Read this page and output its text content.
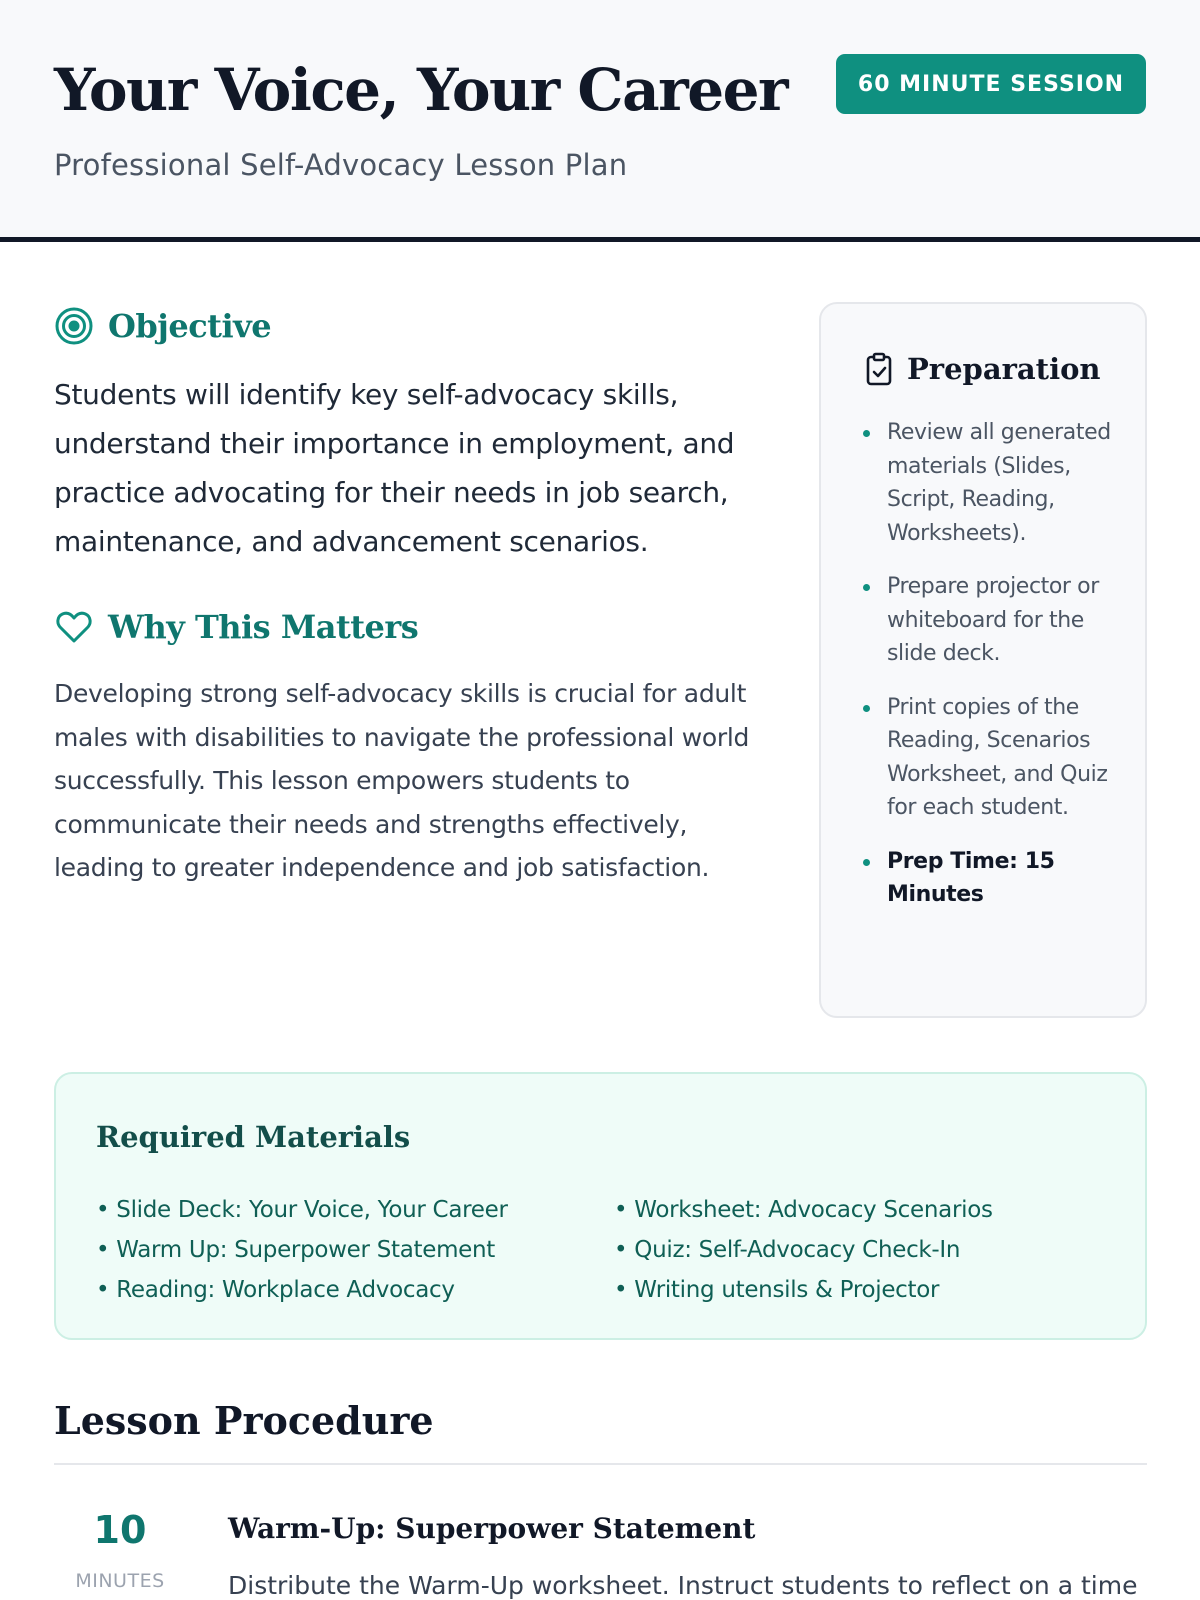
Your Voice, Your Career
Professional Self-Advocacy Lesson Plan
60 MINUTE SESSION
Objective

Students will identify key self-advocacy skills, understand their importance in employment, and practice advocating for their needs in job search, maintenance, and advancement scenarios.

Why This Matters

Developing strong self-advocacy skills is crucial for adult males with disabilities to navigate the professional world successfully. This lesson empowers students to communicate their needs and strengths effectively, leading to greater independence and job satisfaction.

Preparation
Review all generated materials (Slides, Script, Reading, Worksheets).
Prepare projector or whiteboard for the slide deck.
Print copies of the Reading, Scenarios Worksheet, and Quiz for each student.
Prep Time: 15 Minutes
Required Materials
• Slide Deck: Your Voice, Your Career
• Warm Up: Superpower Statement
• Reading: Workplace Advocacy
• Worksheet: Advocacy Scenarios
• Quiz: Self-Advocacy Check-In
• Writing utensils & Projector
Lesson Procedure
10
MINUTES
Warm-Up: Superpower Statement
Distribute the Warm-Up worksheet. Instruct students to reflect on a time
